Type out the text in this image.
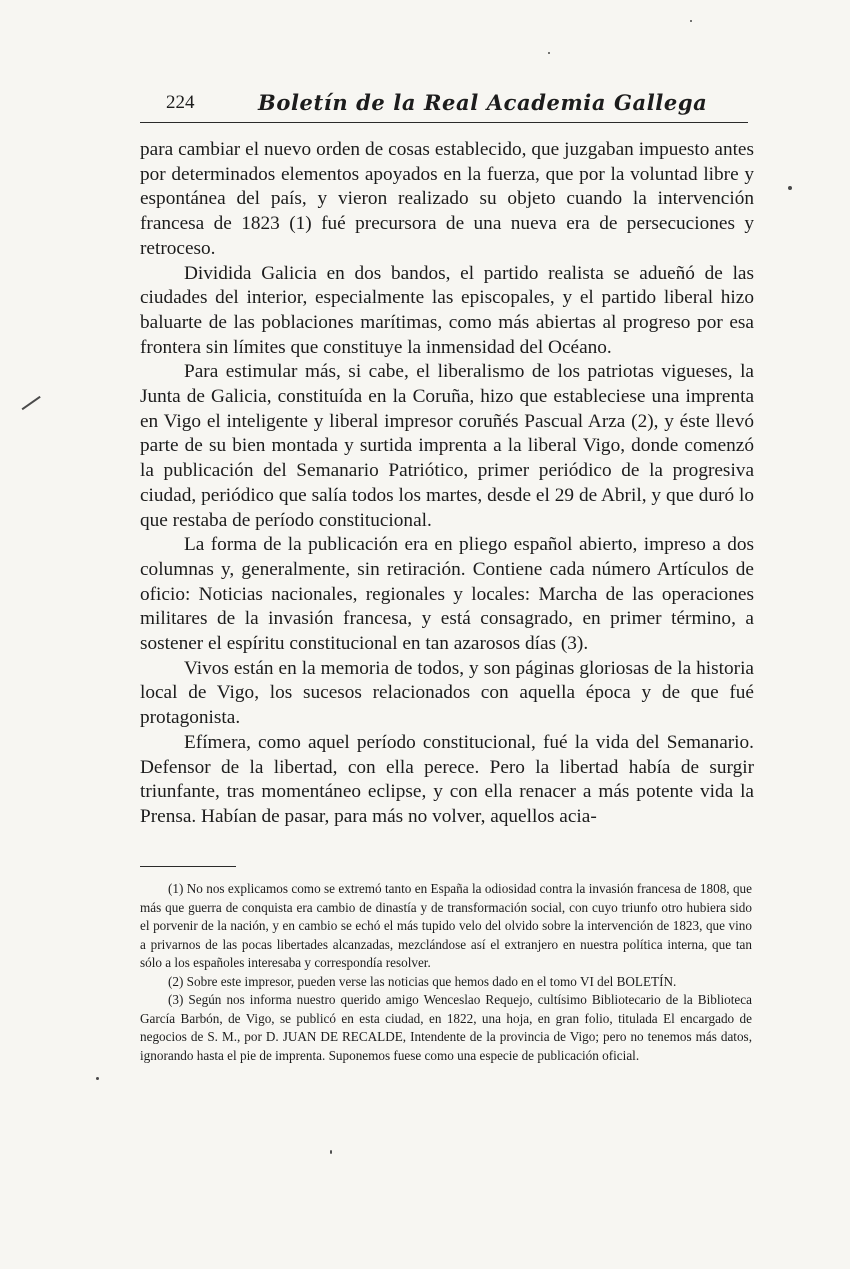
224	Boletín de la Real Academia Gallega

para cambiar el nuevo orden de cosas establecido, que juzgaban impuesto antes por determinados elementos apoyados en la fuerza, que por la voluntad libre y espontánea del país, y vieron realizado su objeto cuando la intervención francesa de 1823 (1) fué precursora de una nueva era de persecuciones y retroceso.

Dividida Galicia en dos bandos, el partido realista se adueñó de las ciudades del interior, especialmente las episcopales, y el partido liberal hizo baluarte de las poblaciones marítimas, como más abiertas al progreso por esa frontera sin límites que constituye la inmensidad del Océano.

Para estimular más, si cabe, el liberalismo de los patriotas vigueses, la Junta de Galicia, constituída en la Coruña, hizo que estableciese una imprenta en Vigo el inteligente y liberal impresor coruñés Pascual Arza (2), y éste llevó parte de su bien montada y surtida imprenta a la liberal Vigo, donde comenzó la publicación del Semanario Patriótico, primer periódico de la progresiva ciudad, periódico que salía todos los martes, desde el 29 de Abril, y que duró lo que restaba de período constitucional.

La forma de la publicación era en pliego español abierto, impreso a dos columnas y, generalmente, sin retiración. Contiene cada número Artículos de oficio: Noticias nacionales, regionales y locales: Marcha de las operaciones militares de la invasión francesa, y está consagrado, en primer término, a sostener el espíritu constitucional en tan azarosos días (3).

Vivos están en la memoria de todos, y son páginas gloriosas de la historia local de Vigo, los sucesos relacionados con aquella época y de que fué protagonista.

Efímera, como aquel período constitucional, fué la vida del Semanario. Defensor de la libertad, con ella perece. Pero la libertad había de surgir triunfante, tras momentáneo eclipse, y con ella renacer a más potente vida la Prensa. Habían de pasar, para más no volver, aquellos acia-

(1) No nos explicamos como se extremó tanto en España la odiosidad contra la invasión francesa de 1808, que más que guerra de conquista era cambio de dinastía y de transformación social, con cuyo triunfo otro hubiera sido el porvenir de la nación, y en cambio se echó el más tupido velo del olvido sobre la intervención de 1823, que vino a privarnos de las pocas libertades alcanzadas, mezclándose así el extranjero en nuestra política interna, que tan sólo a los españoles interesaba y correspondía resolver.

(2) Sobre este impresor, pueden verse las noticias que hemos dado en el tomo VI del BOLETÍN.

(3) Según nos informa nuestro querido amigo Wenceslao Requejo, cultísimo Bibliotecario de la Biblioteca García Barbón, de Vigo, se publicó en esta ciudad, en 1822, una hoja, en gran folio, titulada El encargado de negocios de S. M., por D. JUAN DE RECALDE, Intendente de la provincia de Vigo; pero no tenemos más datos, ignorando hasta el pie de imprenta. Suponemos fuese como una especie de publicación oficial.
